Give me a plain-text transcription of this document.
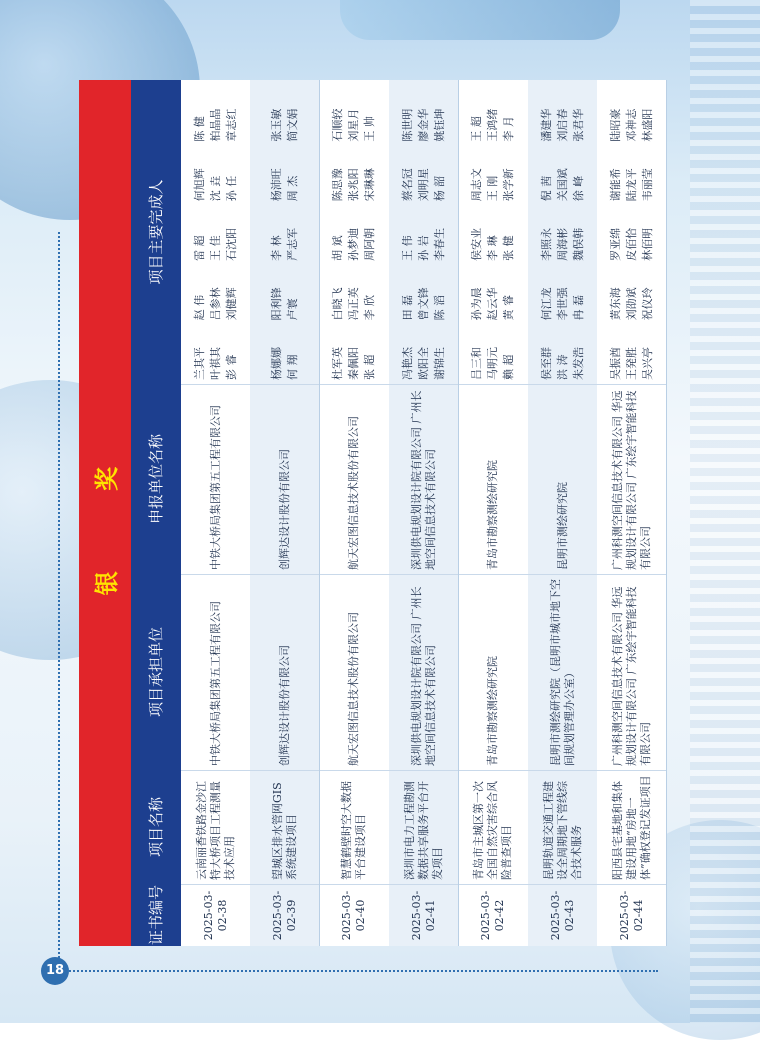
18
银 奖
证书编号
项目名称
项目承担单位
申报单位名称
项目主要完成人
2025-03-02-38
云南丽香铁路金沙江特大桥项目工程测量技术应用
中铁大桥局集团第五工程有限公司
中铁大桥局集团第五工程有限公司
兰其平
赵 伟
雷 超
何旭辉
陈 健
叶祺其
吕参林
王 佳
沈 垚
柏晶晶
彭 睿
刘健辉
石沈阳
孙 任
章志红
2025-03-02-39
望城区排水管网GIS系统建设项目
创辉达设计股份有限公司
创辉达设计股份有限公司
杨娜娜
阳利锋
李 林
杨沛旺
张玉敏
何 翔
卢寰
严志军
周 杰
简文娟
2025-03-02-40
智慧鹤壁时空大数据平台建设项目
航天宏图信息技术股份有限公司
航天宏图信息技术股份有限公司
杜军英
白晓飞
胡 斌
陈思豫
石顺较
秦佩阳
冯正英
孙梦迪
张兆阳
刘星月
张 超
李 欣
周阿朝
宋琳琳
王 帅
2025-03-02-41
深圳市电力工程勘测数据共享服务平台开发项目
深圳供电规划设计院有限公司 广州长地空间信息技术有限公司
深圳供电规划设计院有限公司 广州长地空间信息技术有限公司
冯艳杰
田 磊
王 伟
蔡名冠
陈世明
欧阳全
曾文锋
孙 岩
刘明星
廖金华
谢锦生
陈 滔
李春生
杨 韶
姚钰坤
2025-03-02-42
青岛市主城区第一次全国自然灾害综合风险普查项目
青岛市勘察测绘研究院
青岛市勘察测绘研究院
吕三和
孙为晨
侯安业
周志文
王 超
马明元
赵云华
李 琳
王 刚
王鸿绪
赖 超
黄 睿
张 健
张学新
李 月
2025-03-02-43
昆明轨道交通工程建设全周期地下管线综合技术服务
昆明市测绘研究院（昆明市城市地下空间规划管理办公室）
昆明市测绘研究院
侯至群
何江龙
李照永
倪 茜
潘建华
洪 涛
李世强
周海彬
关国斌
刘启春
朱发浩
冉 磊
魏俣韩
徐 峰
张君华
2025-03-02-44
阳西县宅基地和集体建设用地“房地一体”确权登记发证项目
广州科测空间信息技术有限公司 华远规划设计有限公司 广东绘宇智能科技有限公司
广州科测空间信息技术有限公司 华远规划设计有限公司 广东绘宇智能科技有限公司
吴振酋
黄东海
罗亚绵
谢能希
陆昭豪
王発胜
刘劭斌
皮佰恰
陆龙平
邓神志
吴兴亭
祝仪玲
林佰明
韦丽莹
林盛阳
